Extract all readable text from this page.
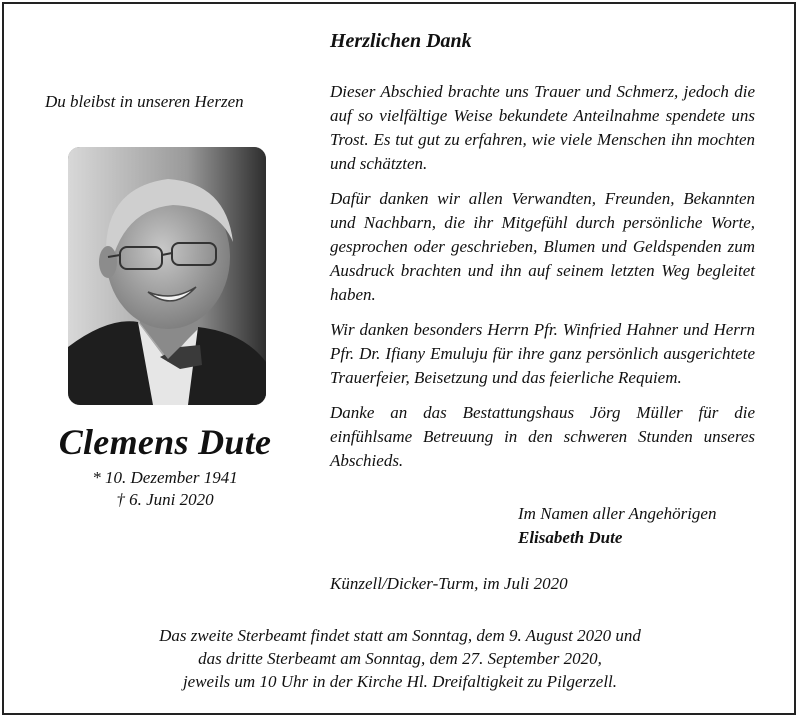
Du bleibst in unseren Herzen
Clemens Dute
* 10. Dezember 1941
† 6. Juni 2020
Herzlichen Dank

Dieser Abschied brachte uns Trauer und Schmerz, jedoch die auf so vielfältige Weise bekundete Anteilnahme spendete uns Trost. Es tut gut zu erfahren, wie viele Menschen ihn mochten und schätzten.

Dafür danken wir allen Verwandten, Freunden, Bekannten und Nachbarn, die ihr Mitgefühl durch persönliche Worte, gesprochen oder geschrieben, Blumen und Geldspenden zum Ausdruck brachten und ihn auf seinem letzten Weg begleitet haben.

Wir danken besonders Herrn Pfr. Winfried Hahner und Herrn Pfr. Dr. Ifiany Emuluju für ihre ganz persönlich ausgerichtete Trauerfeier, Beisetzung und das feierliche Requiem.

Danke an das Bestattungshaus Jörg Müller für die einfühlsame Betreuung in den schweren Stunden unseres Abschieds.

Im Namen aller Angehörigen
Elisabeth Dute
Künzell/Dicker-Turm, im Juli 2020
Das zweite Sterbeamt findet statt am Sonntag, dem 9. August 2020 und
das dritte Sterbeamt am Sonntag, dem 27. September 2020,
jeweils um 10 Uhr in der Kirche Hl. Dreifaltigkeit zu Pilgerzell.
